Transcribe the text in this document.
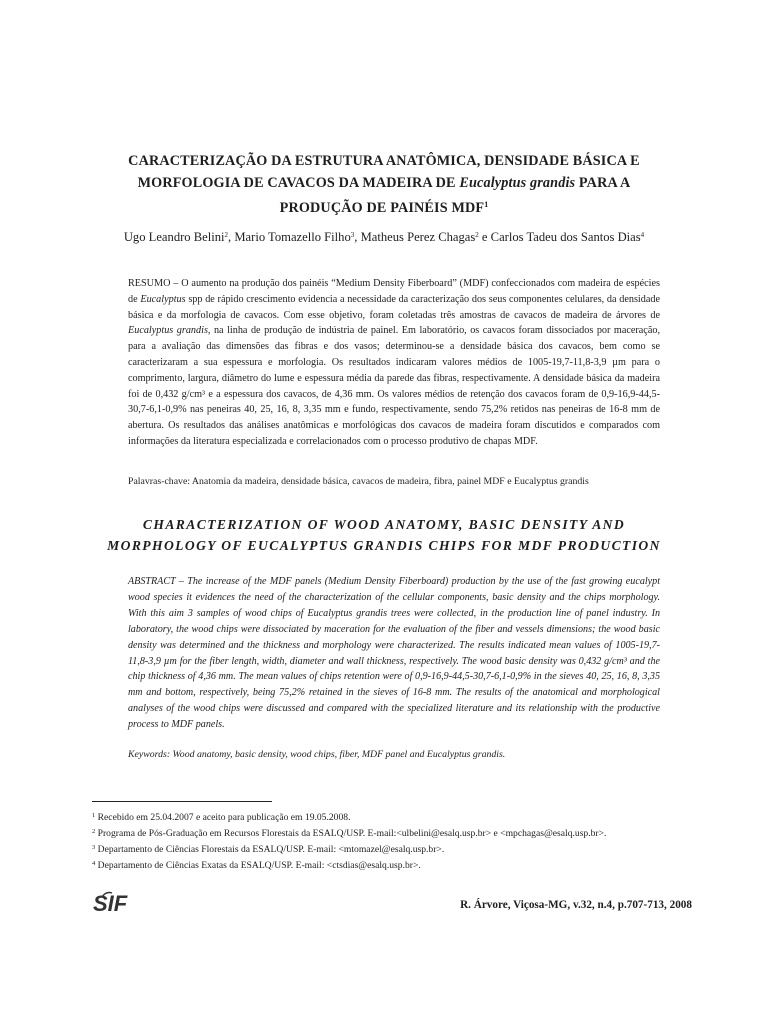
CARACTERIZAÇÃO DA ESTRUTURA ANATÔMICA, DENSIDADE BÁSICA E
MORFOLOGIA DE CAVACOS DA MADEIRA DE Eucalyptus grandis PARA A
PRODUÇÃO DE PAINÉIS MDF$^1$
Ugo Leandro Belini$^2$, Mario Tomazello Filho$^3$, Matheus Perez Chagas$^2$ e Carlos Tadeu dos Santos Dias$^4$

RESUMO – O aumento na produção dos painéis “Medium Density Fiberboard” (MDF) confeccionados com madeira de espécies de Eucalyptus spp de rápido crescimento evidencia a necessidade da caracterização dos seus componentes celulares, da densidade básica e da morfologia de cavacos. Com esse objetivo, foram coletadas três amostras de cavacos de madeira de árvores de Eucalyptus grandis, na linha de produção de indústria de painel. Em laboratório, os cavacos foram dissociados por maceração, para a avaliação das dimensões das fibras e dos vasos; determinou-se a densidade básica dos cavacos, bem como se caracterizaram a sua espessura e morfologia. Os resultados indicaram valores médios de 1005-19,7-11,8-3,9 µm para o comprimento, largura, diâmetro do lume e espessura média da parede das fibras, respectivamente. A densidade básica da madeira foi de 0,432 g/cm³ e a espessura dos cavacos, de 4,36 mm. Os valores médios de retenção dos cavacos foram de 0,9-16,9-44,5-30,7-6,1-0,9% nas peneiras 40, 25, 16, 8, 3,35 mm e fundo, respectivamente, sendo 75,2% retidos nas peneiras de 16-8 mm de abertura. Os resultados das análises anatômicas e morfológicas dos cavacos de madeira foram discutidos e comparados com informações da literatura especializada e correlacionados com o processo produtivo de chapas MDF.

Palavras-chave: Anatomia da madeira, densidade básica, cavacos de madeira, fibra, painel MDF e Eucalyptus grandis

CHARACTERIZATION OF WOOD ANATOMY, BASIC DENSITY AND
MORPHOLOGY OF EUCALYPTUS GRANDIS CHIPS FOR MDF PRODUCTION

ABSTRACT – The increase of the MDF panels (Medium Density Fiberboard) production by the use of the fast growing eucalypt wood species it evidences the need of the characterization of the cellular components, basic density and the chips morphology. With this aim 3 samples of wood chips of Eucalyptus grandis trees were collected, in the production line of panel industry. In laboratory, the wood chips were dissociated by maceration for the evaluation of the fiber and vessels dimensions; the wood basic density was determined and the thickness and morphology were characterized. The results indicated mean values of 1005-19,7-11,8-3,9 µm for the fiber length, width, diameter and wall thickness, respectively. The wood basic density was 0,432 g/cm³ and the chip thickness of 4,36 mm. The mean values of chips retention were of 0,9-16,9-44,5-30,7-6,1-0,9% in the sieves 40, 25, 16, 8, 3,35 mm and bottom, respectively, being 75,2% retained in the sieves of 16-8 mm. The results of the anatomical and morphological analyses of the wood chips were discussed and compared with the specialized literature and its relationship with the productive process to MDF panels.

Keywords: Wood anatomy, basic density, wood chips, fiber, MDF panel and Eucalyptus grandis.

$^1$ Recebido em 25.04.2007 e aceito para publicação em 19.05.2008.
$^2$ Programa de Pós-Graduação em Recursos Florestais da ESALQ/USP. E-mail:<ulbelini@esalq.usp.br> e <mpchagas@esalq.usp.br>.
$^3$ Departamento de Ciências Florestais da ESALQ/USP. E-mail: <mtomazel@esalq.usp.br>.
$^4$ Departamento de Ciências Exatas da ESALQ/USP. E-mail: <ctsdias@esalq.usp.br>.
SIF	R. Árvore, Viçosa-MG, v.32, n.4, p.707-713, 2008
